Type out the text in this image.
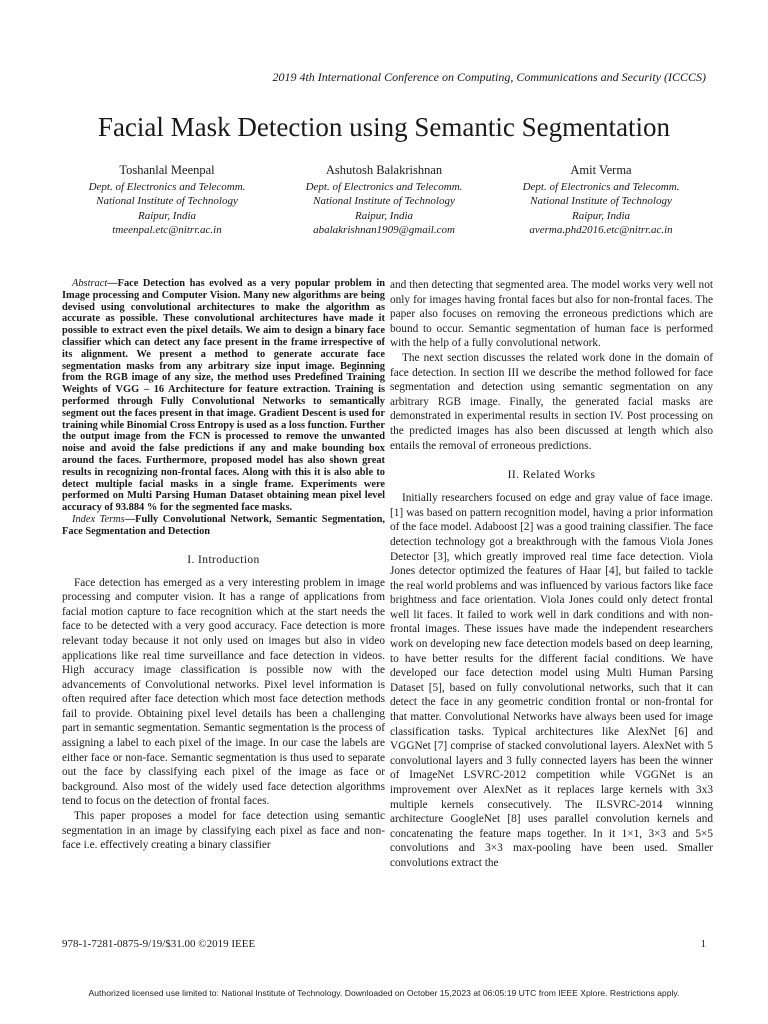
2019 4th International Conference on Computing, Communications and Security (ICCCS)
Facial Mask Detection using Semantic Segmentation
Toshanlal Meenpal
Dept. of Electronics and Telecomm.
National Institute of Technology
Raipur, India
tmeenpal.etc@nitrr.ac.in
Ashutosh Balakrishnan
Dept. of Electronics and Telecomm.
National Institute of Technology
Raipur, India
abalakrishnan1909@gmail.com
Amit Verma
Dept. of Electronics and Telecomm.
National Institute of Technology
Raipur, India
averma.phd2016.etc@nitrr.ac.in

Abstract—Face Detection has evolved as a very popular problem in Image processing and Computer Vision. Many new algorithms are being devised using convolutional architectures to make the algorithm as accurate as possible. These convolutional architectures have made it possible to extract even the pixel details. We aim to design a binary face classifier which can detect any face present in the frame irrespective of its alignment. We present a method to generate accurate face segmentation masks from any arbitrary size input image. Beginning from the RGB image of any size, the method uses Predefined Training Weights of VGG – 16 Architecture for feature extraction. Training is performed through Fully Convolutional Networks to semantically segment out the faces present in that image. Gradient Descent is used for training while Binomial Cross Entropy is used as a loss function. Further the output image from the FCN is processed to remove the unwanted noise and avoid the false predictions if any and make bounding box around the faces. Furthermore, proposed model has also shown great results in recognizing non-frontal faces. Along with this it is also able to detect multiple facial masks in a single frame. Experiments were performed on Multi Parsing Human Dataset obtaining mean pixel level accuracy of 93.884 % for the segmented face masks.

Index Terms—Fully Convolutional Network, Semantic Segmentation, Face Segmentation and Detection

I. Introduction

Face detection has emerged as a very interesting problem in image processing and computer vision. It has a range of applications from facial motion capture to face recognition which at the start needs the face to be detected with a very good accuracy. Face detection is more relevant today because it not only used on images but also in video applications like real time surveillance and face detection in videos. High accuracy image classification is possible now with the advancements of Convolutional networks. Pixel level information is often required after face detection which most face detection methods fail to provide. Obtaining pixel level details has been a challenging part in semantic segmentation. Semantic segmentation is the process of assigning a label to each pixel of the image. In our case the labels are either face or non-face. Semantic segmentation is thus used to separate out the face by classifying each pixel of the image as face or background. Also most of the widely used face detection algorithms tend to focus on the detection of frontal faces.

This paper proposes a model for face detection using semantic segmentation in an image by classifying each pixel as face and non-face i.e. effectively creating a binary classifier

and then detecting that segmented area. The model works very well not only for images having frontal faces but also for non-frontal faces. The paper also focuses on removing the erroneous predictions which are bound to occur. Semantic segmentation of human face is performed with the help of a fully convolutional network.

The next section discusses the related work done in the domain of face detection. In section III we describe the method followed for face segmentation and detection using semantic segmentation on any arbitrary RGB image. Finally, the generated facial masks are demonstrated in experimental results in section IV. Post processing on the predicted images has also been discussed at length which also entails the removal of erroneous predictions.

II. Related Works

Initially researchers focused on edge and gray value of face image. [1] was based on pattern recognition model, having a prior information of the face model. Adaboost [2] was a good training classifier. The face detection technology got a breakthrough with the famous Viola Jones Detector [3], which greatly improved real time face detection. Viola Jones detector optimized the features of Haar [4], but failed to tackle the real world problems and was influenced by various factors like face brightness and face orientation. Viola Jones could only detect frontal well lit faces. It failed to work well in dark conditions and with non-frontal images. These issues have made the independent researchers work on developing new face detection models based on deep learning, to have better results for the different facial conditions. We have developed our face detection model using Multi Human Parsing Dataset [5], based on fully convolutional networks, such that it can detect the face in any geometric condition frontal or non-frontal for that matter. Convolutional Networks have always been used for image classification tasks. Typical architectures like AlexNet [6] and VGGNet [7] comprise of stacked convolutional layers. AlexNet with 5 convolutional layers and 3 fully connected layers has been the winner of ImageNet LSVRC-2012 competition while VGGNet is an improvement over AlexNet as it replaces large kernels with 3x3 multiple kernels consecutively. The ILSVRC-2014 winning architecture GoogleNet [8] uses parallel convolution kernels and concatenating the feature maps together. In it 1×1, 3×3 and 5×5 convolutions and 3×3 max-pooling have been used. Smaller convolutions extract the

978-1-7281-0875-9/19/$31.00 ©2019 IEEE	1
Authorized licensed use limited to: National Institute of Technology. Downloaded on October 15,2023 at 06:05:19 UTC from IEEE Xplore. Restrictions apply.
